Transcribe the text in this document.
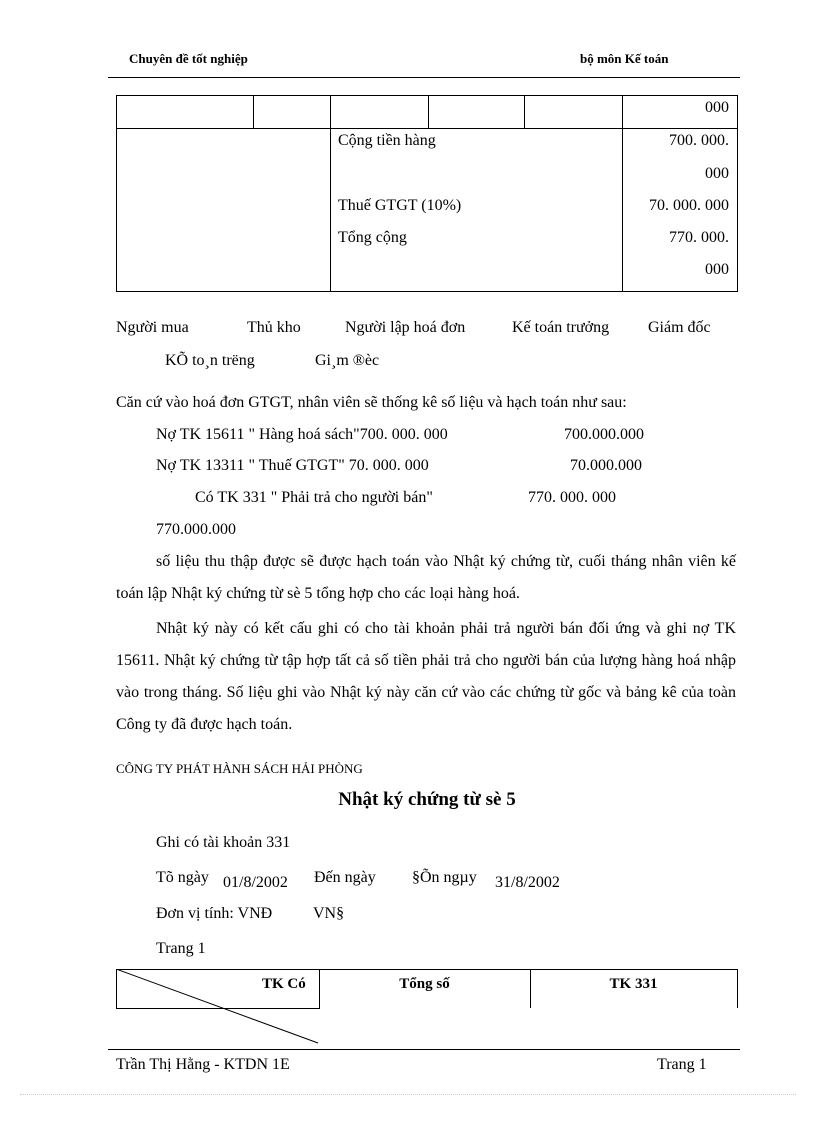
Chuyên đề tốt nghiệp	bộ môn Kế toán
000
Cộng tiền hàng	700. 000.
000
Thuế GTGT (10%)	70. 000. 000
Tổng cộng	770. 000.
000
Người mua	Thủ kho	Người lập hoá đơn	Kế toán trưởng Giám đốc
KÕ to¸n trëng	Gi¸m ®èc
Căn cứ vào hoá đơn GTGT, nhân viên sẽ thống kê số liệu và hạch toán như sau:
Nợ TK 15611 " Hàng hoá sách"700. 000. 000	700.000.000
Nợ TK 13311 " Thuế GTGT" 70. 000. 000	70.000.000
Có TK 331 " Phải trả cho người bán"	770. 000. 000
770.000.000
số liệu thu thập được sẽ được hạch toán vào Nhật ký chứng từ, cuối tháng nhân viên kế toán lập Nhật ký chứng từ sè 5 tổng hợp cho các loại hàng hoá.
Nhật ký này có kết cấu ghi có cho tài khoản phải trả người bán đối ứng và ghi nợ TK 15611. Nhật ký chứng từ tập hợp tất cả số tiền phải trả cho người bán của lượng hàng hoá nhập vào trong tháng. Số liệu ghi vào Nhật ký này căn cứ vào các chứng từ gốc và bảng kê của toàn Công ty đã được hạch toán.
CÔNG TY PHÁT HÀNH SÁCH HẢI PHÒNG
Nhật ký chứng từ sè 5
Ghi có tài khoản 331
Tõ ngày 01/8/2002 Đến ngày §Õn ngµy 31/8/2002
Đơn vị tính: VNĐ	VN§
Trang 1
TK Có	Tổng số	TK 331
Trần Thị Hằng - KTDN 1E	Trang 1
